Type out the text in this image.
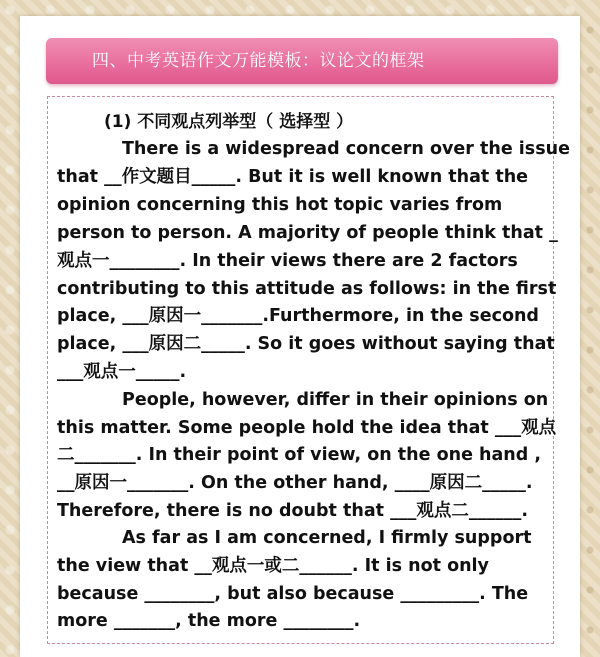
四、中考英语作文万能模板：议论文的框架
(1) 不同观点列举型（ 选择型 ）
There is a widespread concern over the issue
that __作文题目_____. But it is well known that the
opinion concerning this hot topic varies from
person to person. A majority of people think that _
观点一________. In their views there are 2 factors
contributing to this attitude as follows: in the first
place, ___原因一_______.Furthermore, in the second
place, ___原因二_____. So it goes without saying that
___观点一_____.
People, however, differ in their opinions on
this matter. Some people hold the idea that ___观点
二_______. In their point of view, on the one hand ,
__原因一_______. On the other hand, ____原因二_____.
Therefore, there is no doubt that ___观点二______.
As far as I am concerned, I firmly support
the view that __观点一或二______. It is not only
because ________, but also because _________. The
more _______, the more ________.
